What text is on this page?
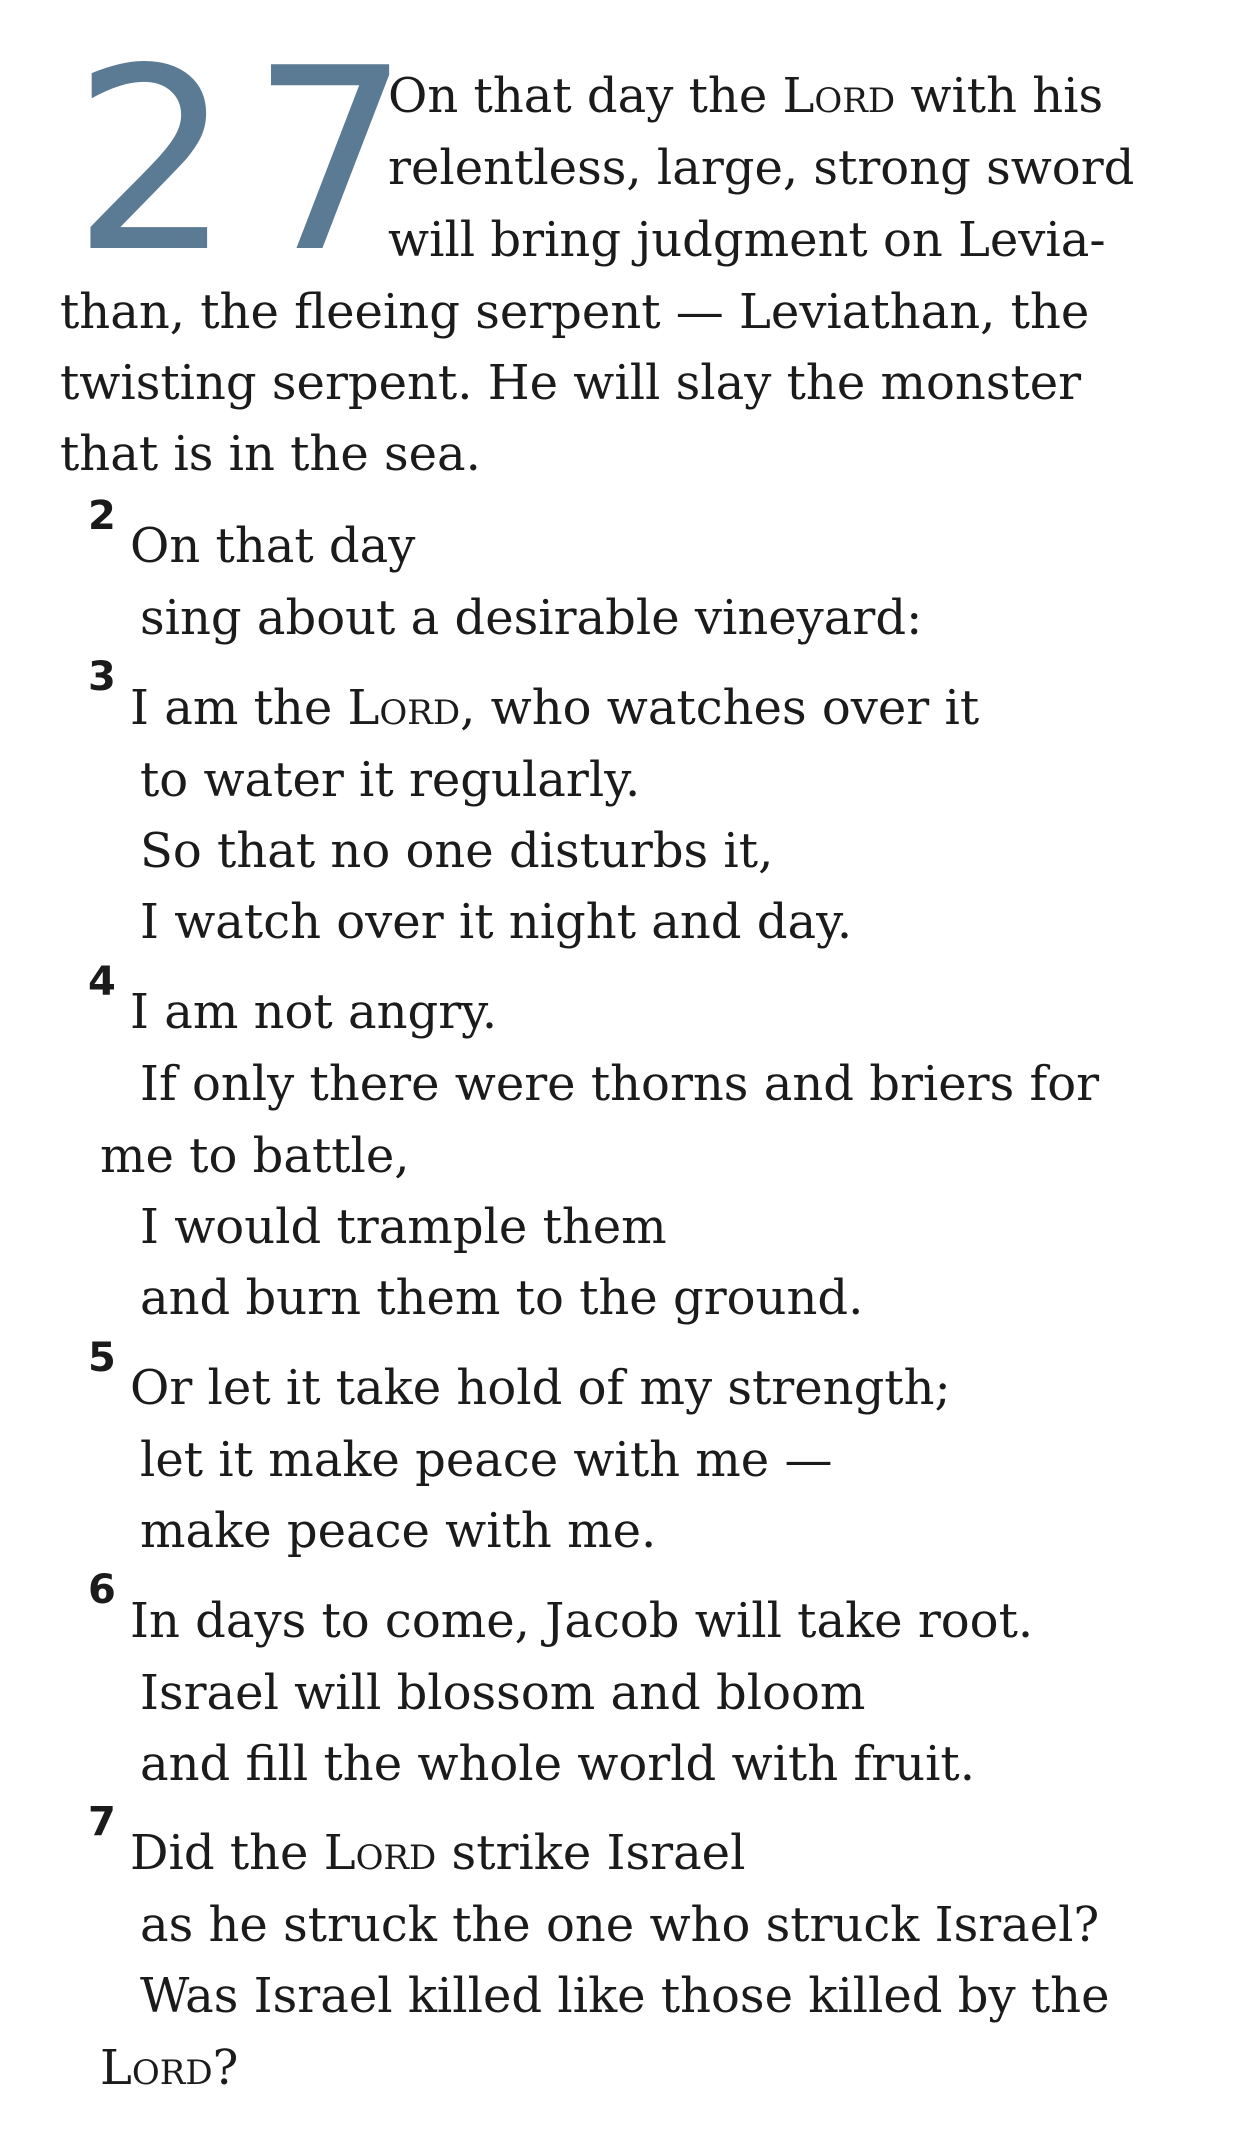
27
On that day the Lord with his
relentless, large, strong sword
will bring judgment on Levia-
than, the fleeing serpent — Leviathan, the
twisting serpent. He will slay the monster
that is in the sea.
2
On that day
sing about a desirable vineyard:
3
I am the Lord, who watches over it
to water it regularly.
So that no one disturbs it,
I watch over it night and day.
4
I am not angry.
If only there were thorns and briers for
me to battle,
I would trample them
and burn them to the ground.
5
Or let it take hold of my strength;
let it make peace with me —
make peace with me.
6
In days to come, Jacob will take root.
Israel will blossom and bloom
and fill the whole world with fruit.
7
Did the Lord strike Israel
as he struck the one who struck Israel?
Was Israel killed like those killed by the
Lord?
